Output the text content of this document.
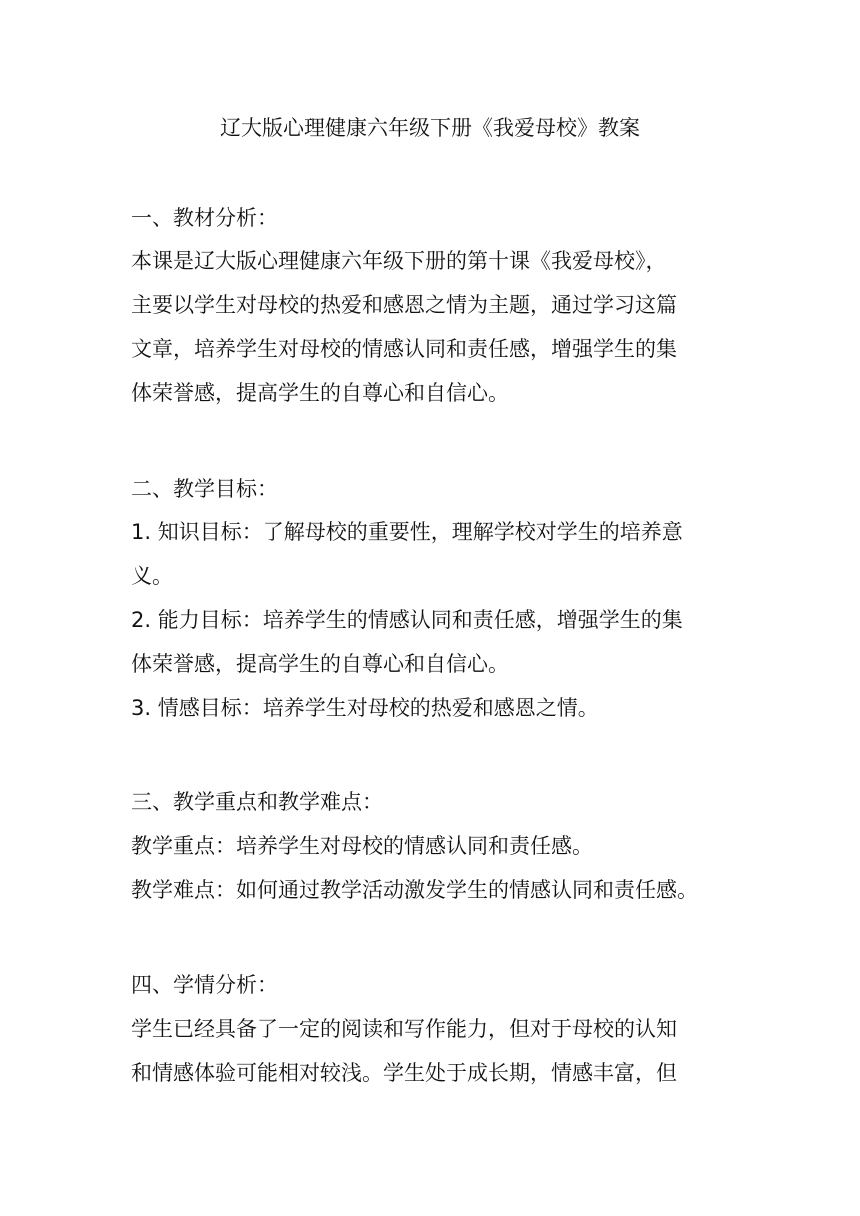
辽大版心理健康六年级下册《我爱母校》教案
一、教材分析：
本课是辽大版心理健康六年级下册的第十课《我爱母校》，
主要以学生对母校的热爱和感恩之情为主题，通过学习这篇
文章，培养学生对母校的情感认同和责任感，增强学生的集
体荣誉感，提高学生的自尊心和自信心。
二、教学目标：
1. 知识目标：了解母校的重要性，理解学校对学生的培养意
义。
2. 能力目标：培养学生的情感认同和责任感，增强学生的集
体荣誉感，提高学生的自尊心和自信心。
3. 情感目标：培养学生对母校的热爱和感恩之情。
三、教学重点和教学难点：
教学重点：培养学生对母校的情感认同和责任感。
教学难点：如何通过教学活动激发学生的情感认同和责任感。
四、学情分析：
学生已经具备了一定的阅读和写作能力，但对于母校的认知
和情感体验可能相对较浅。学生处于成长期，情感丰富，但
